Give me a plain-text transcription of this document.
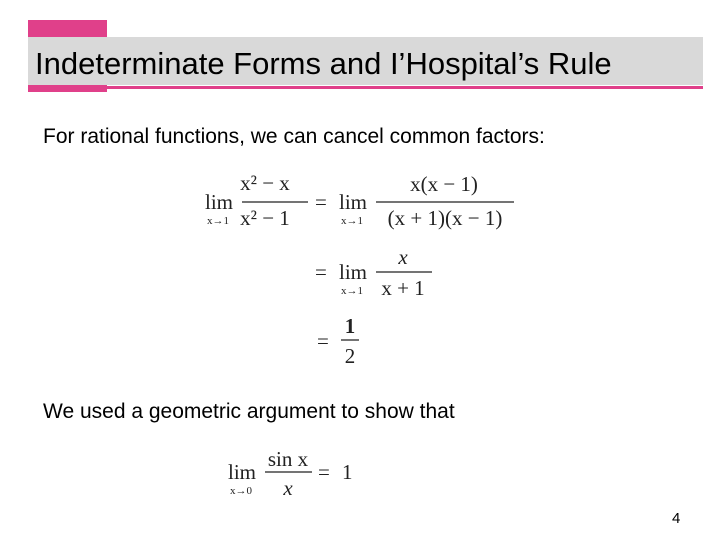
Indeterminate Forms and I’Hospital’s Rule
For rational functions, we can cancel common factors:
lim
x→1
x² − x
x² − 1
= lim
x→1
x(x − 1)
(x + 1)(x − 1)
= lim
x→1
x
x + 1
=
1
2
We used a geometric argument to show that
lim
x→0
sin x
x
= 1
4
